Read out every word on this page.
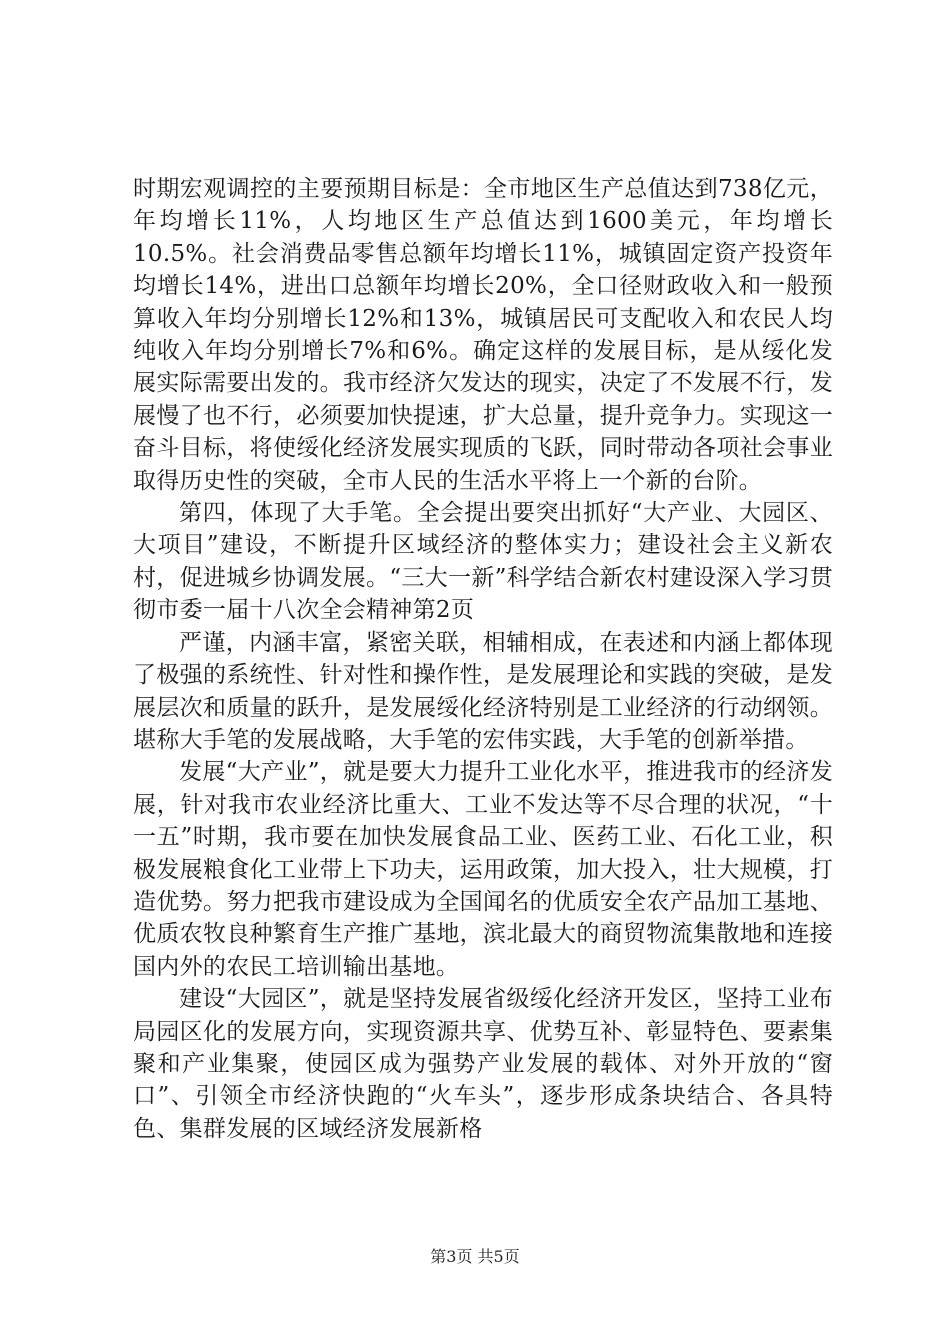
时期宏观调控的主要预期目标是：全市地区生产总值达到738亿元，年均增长11%，人均地区生产总值达到1600美元，年均增长10.5%。社会消费品零售总额年均增长11%，城镇固定资产投资年均增长14%，进出口总额年均增长20%，全口径财政收入和一般预算收入年均分别增长12%和13%，城镇居民可支配收入和农民人均纯收入年均分别增长7%和6%。确定这样的发展目标，是从绥化发展实际需要出发的。我市经济欠发达的现实，决定了不发展不行，发展慢了也不行，必须要加快提速，扩大总量，提升竞争力。实现这一奋斗目标，将使绥化经济发展实现质的飞跃，同时带动各项社会事业取得历史性的突破，全市人民的生活水平将上一个新的台阶。

第四，体现了大手笔。全会提出要突出抓好“大产业、大园区、大项目”建设，不断提升区域经济的整体实力；建设社会主义新农村，促进城乡协调发展。“三大一新”科学结合新农村建设深入学习贯彻市委一届十八次全会精神第2页

严谨，内涵丰富，紧密关联，相辅相成，在表述和内涵上都体现了极强的系统性、针对性和操作性，是发展理论和实践的突破，是发展层次和质量的跃升，是发展绥化经济特别是工业经济的行动纲领。堪称大手笔的发展战略，大手笔的宏伟实践，大手笔的创新举措。

发展“大产业”，就是要大力提升工业化水平，推进我市的经济发展，针对我市农业经济比重大、工业不发达等不尽合理的状况，“十一五”时期，我市要在加快发展食品工业、医药工业、石化工业，积极发展粮食化工业带上下功夫，运用政策，加大投入，壮大规模，打造优势。努力把我市建设成为全国闻名的优质安全农产品加工基地、优质农牧良种繁育生产推广基地，滨北最大的商贸物流集散地和连接国内外的农民工培训输出基地。

建设“大园区”，就是坚持发展省级绥化经济开发区，坚持工业布局园区化的发展方向，实现资源共享、优势互补、彰显特色、要素集聚和产业集聚，使园区成为强势产业发展的载体、对外开放的“窗口”、引领全市经济快跑的“火车头”，逐步形成条块结合、各具特色、集群发展的区域经济发展新格

第3页 共5页
